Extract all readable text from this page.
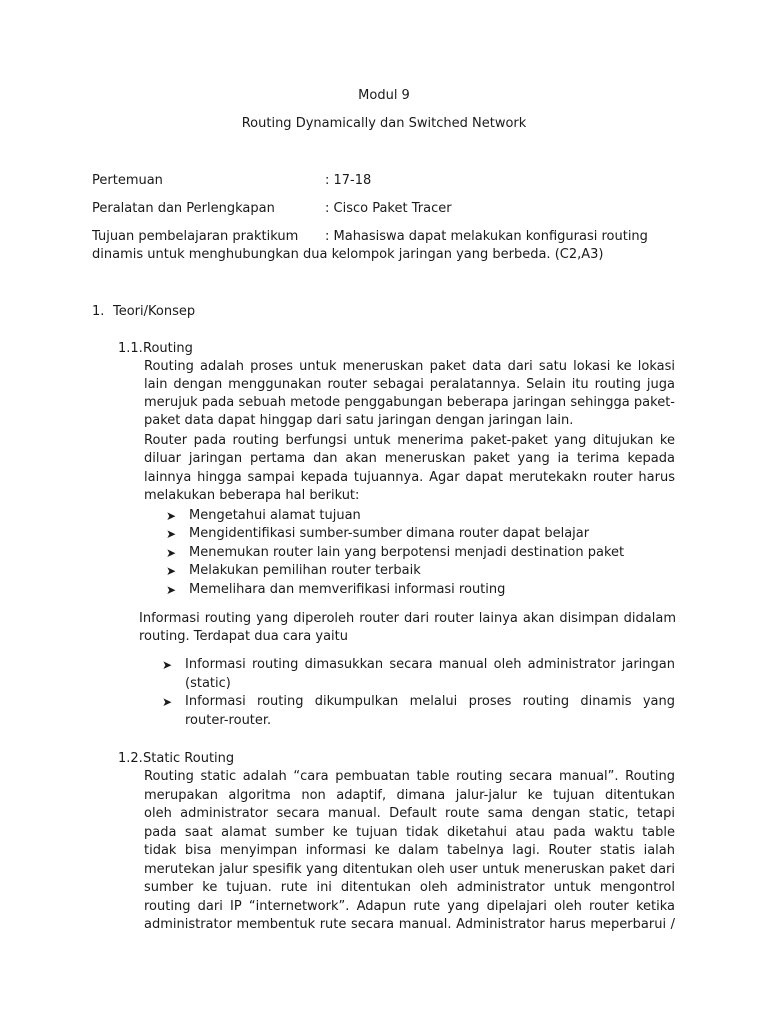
Modul 9
Routing Dynamically dan Switched Network
Pertemuan	: 17-18
Peralatan dan Perlengkapan	: Cisco Paket Tracer
Tujuan pembelajaran praktikum : Mahasiswa dapat melakukan konfigurasi routing
dinamis untuk menghubungkan dua kelompok jaringan yang berbeda. (C2,A3)
1. Teori/Konsep
1.1. Routing
Routing adalah proses untuk meneruskan paket data dari satu lokasi ke lokasi
lain dengan menggunakan router sebagai peralatannya. Selain itu routing juga
merujuk pada sebuah metode penggabungan beberapa jaringan sehingga paket-
paket data dapat hinggap dari satu jaringan dengan jaringan lain.
Router pada routing berfungsi untuk menerima paket-paket yang ditujukan ke
diluar jaringan pertama dan akan meneruskan paket yang ia terima kepada
lainnya hingga sampai kepada tujuannya. Agar dapat merutekakn router harus
melakukan beberapa hal berikut:
➤ Mengetahui alamat tujuan
➤ Mengidentifikasi sumber-sumber dimana router dapat belajar
➤ Menemukan router lain yang berpotensi menjadi destination paket
➤ Melakukan pemilihan router terbaik
➤ Memelihara dan memverifikasi informasi routing
Informasi routing yang diperoleh router dari router lainya akan disimpan didalam
routing. Terdapat dua cara yaitu
➤ Informasi routing dimasukkan secara manual oleh administrator jaringan
(static)
➤ Informasi routing dikumpulkan melalui proses routing dinamis yang
router-router.
1.2. Static Routing
Routing static adalah “cara pembuatan table routing secara manual”. Routing
merupakan algoritma non adaptif, dimana jalur-jalur ke tujuan ditentukan
oleh administrator secara manual. Default route sama dengan static, tetapi
pada saat alamat sumber ke tujuan tidak diketahui atau pada waktu table
tidak bisa menyimpan informasi ke dalam tabelnya lagi. Router statis ialah
merutekan jalur spesifik yang ditentukan oleh user untuk meneruskan paket dari
sumber ke tujuan. rute ini ditentukan oleh administrator untuk mengontrol
routing dari IP “internetwork”. Adapun rute yang dipelajari oleh router ketika
administrator membentuk rute secara manual. Administrator harus meperbarui /
